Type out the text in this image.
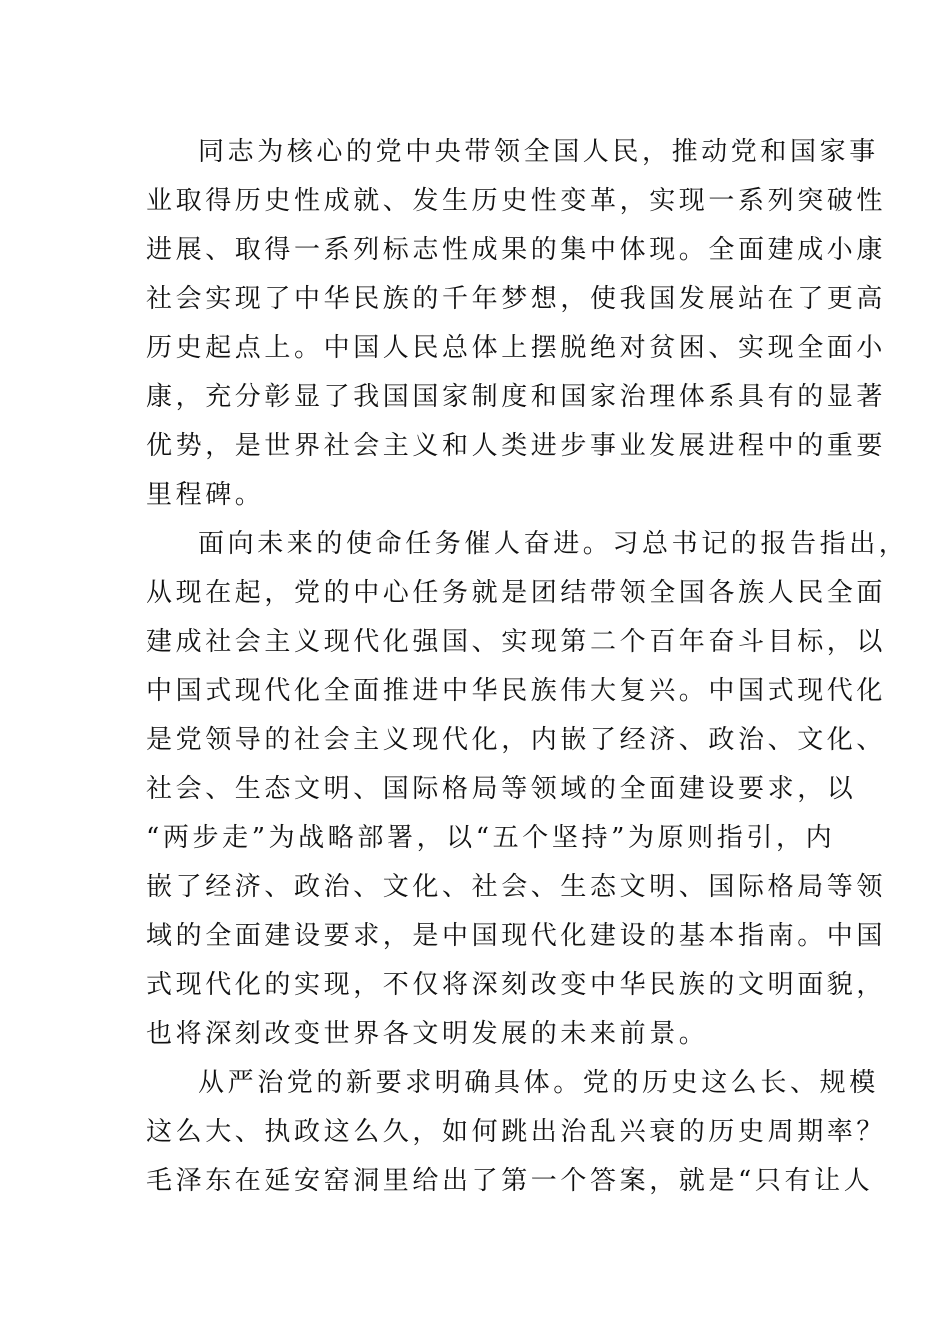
同志为核心的党中央带领全国人民，推动党和国家事
业取得历史性成就、发生历史性变革，实现一系列突破性
进展、取得一系列标志性成果的集中体现。全面建成小康
社会实现了中华民族的千年梦想，使我国发展站在了更高
历史起点上。中国人民总体上摆脱绝对贫困、实现全面小
康，充分彰显了我国国家制度和国家治理体系具有的显著
优势，是世界社会主义和人类进步事业发展进程中的重要
里程碑。
面向未来的使命任务催人奋进。习总书记的报告指出，
从现在起，党的中心任务就是团结带领全国各族人民全面
建成社会主义现代化强国、实现第二个百年奋斗目标，以
中国式现代化全面推进中华民族伟大复兴。中国式现代化
是党领导的社会主义现代化，内嵌了经济、政治、文化、
社会、生态文明、国际格局等领域的全面建设要求，以
“两步走”为战略部署，以“五个坚持”为原则指引，内
嵌了经济、政治、文化、社会、生态文明、国际格局等领
域的全面建设要求，是中国现代化建设的基本指南。中国
式现代化的实现，不仅将深刻改变中华民族的文明面貌，
也将深刻改变世界各文明发展的未来前景。
从严治党的新要求明确具体。党的历史这么长、规模
这么大、执政这么久，如何跳出治乱兴衰的历史周期率？
毛泽东在延安窑洞里给出了第一个答案，就是“只有让人
